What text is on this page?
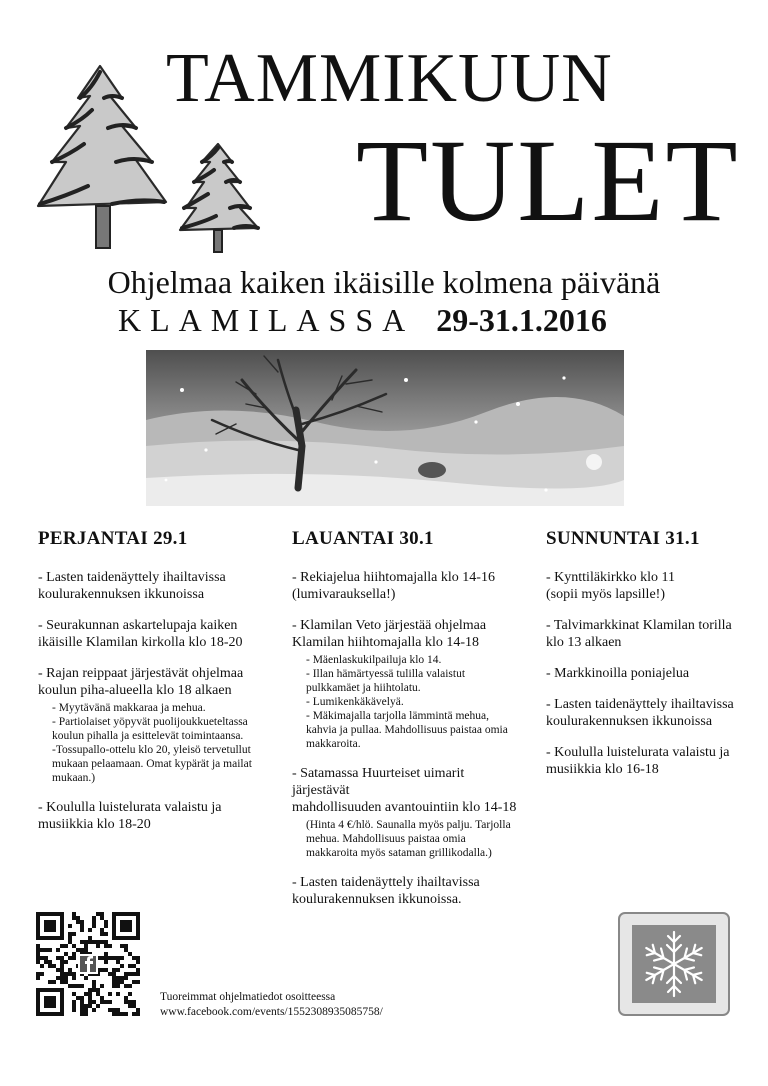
TAMMIKUUN
TULET
Ohjelmaa kaiken ikäisille kolmena päivänä
KLAMILASSA 29-31.1.2016
PERJANTAI 29.1
- Lasten taidenäyttely ihailtavissa
koulurakennuksen ikkunoissa
- Seurakunnan askartelupaja kaiken
ikäisille Klamilan kirkolla klo 18-20
- Rajan reippaat järjestävät ohjelmaa
koulun piha-alueella klo 18 alkaen
- Myytävänä makkaraa ja mehua.
- Partiolaiset yöpyvät puolijoukkueteltassa
koulun pihalla ja esittelevät toimintaansa.
-Tossupallo-ottelu klo 20, yleisö tervetullut
mukaan pelaamaan. Omat kypärät ja mailat
mukaan.)
- Koululla luistelurata valaistu ja
musiikkia klo 18-20
LAUANTAI 30.1
- Rekiajelua hiihtomajalla klo 14-16
(lumivarauksella!)
- Klamilan Veto järjestää ohjelmaa
Klamilan hiihtomajalla klo 14-18
- Mäenlaskukilpailuja klo 14.
- Illan hämärtyessä tulilla valaistut
pulkkamäet ja hiihtolatu.
- Lumikenkäkävelyä.
- Mäkimajalla tarjolla lämmintä mehua,
kahvia ja pullaa. Mahdollisuus paistaa omia
makkaroita.
- Satamassa Huurteiset uimarit järjestävät
mahdollisuuden avantouintiin klo 14-18
(Hinta 4 €/hlö. Saunalla myös palju. Tarjolla
mehua. Mahdollisuus paistaa omia
makkaroita myös sataman grillikodalla.)
- Lasten taidenäyttely ihailtavissa
koulurakennuksen ikkunoissa.
SUNNUNTAI 31.1
- Kynttiläkirkko klo 11
(sopii myös lapsille!)
- Talvimarkkinat Klamilan torilla
klo 13 alkaen
- Markkinoilla poniajelua
- Lasten taidenäyttely ihailtavissa
koulurakennuksen ikkunoissa
- Koululla luistelurata valaistu ja
musiikkia klo 16-18
Tuoreimmat ohjelmatiedot osoitteessa
www.facebook.com/events/1552308935085758/
